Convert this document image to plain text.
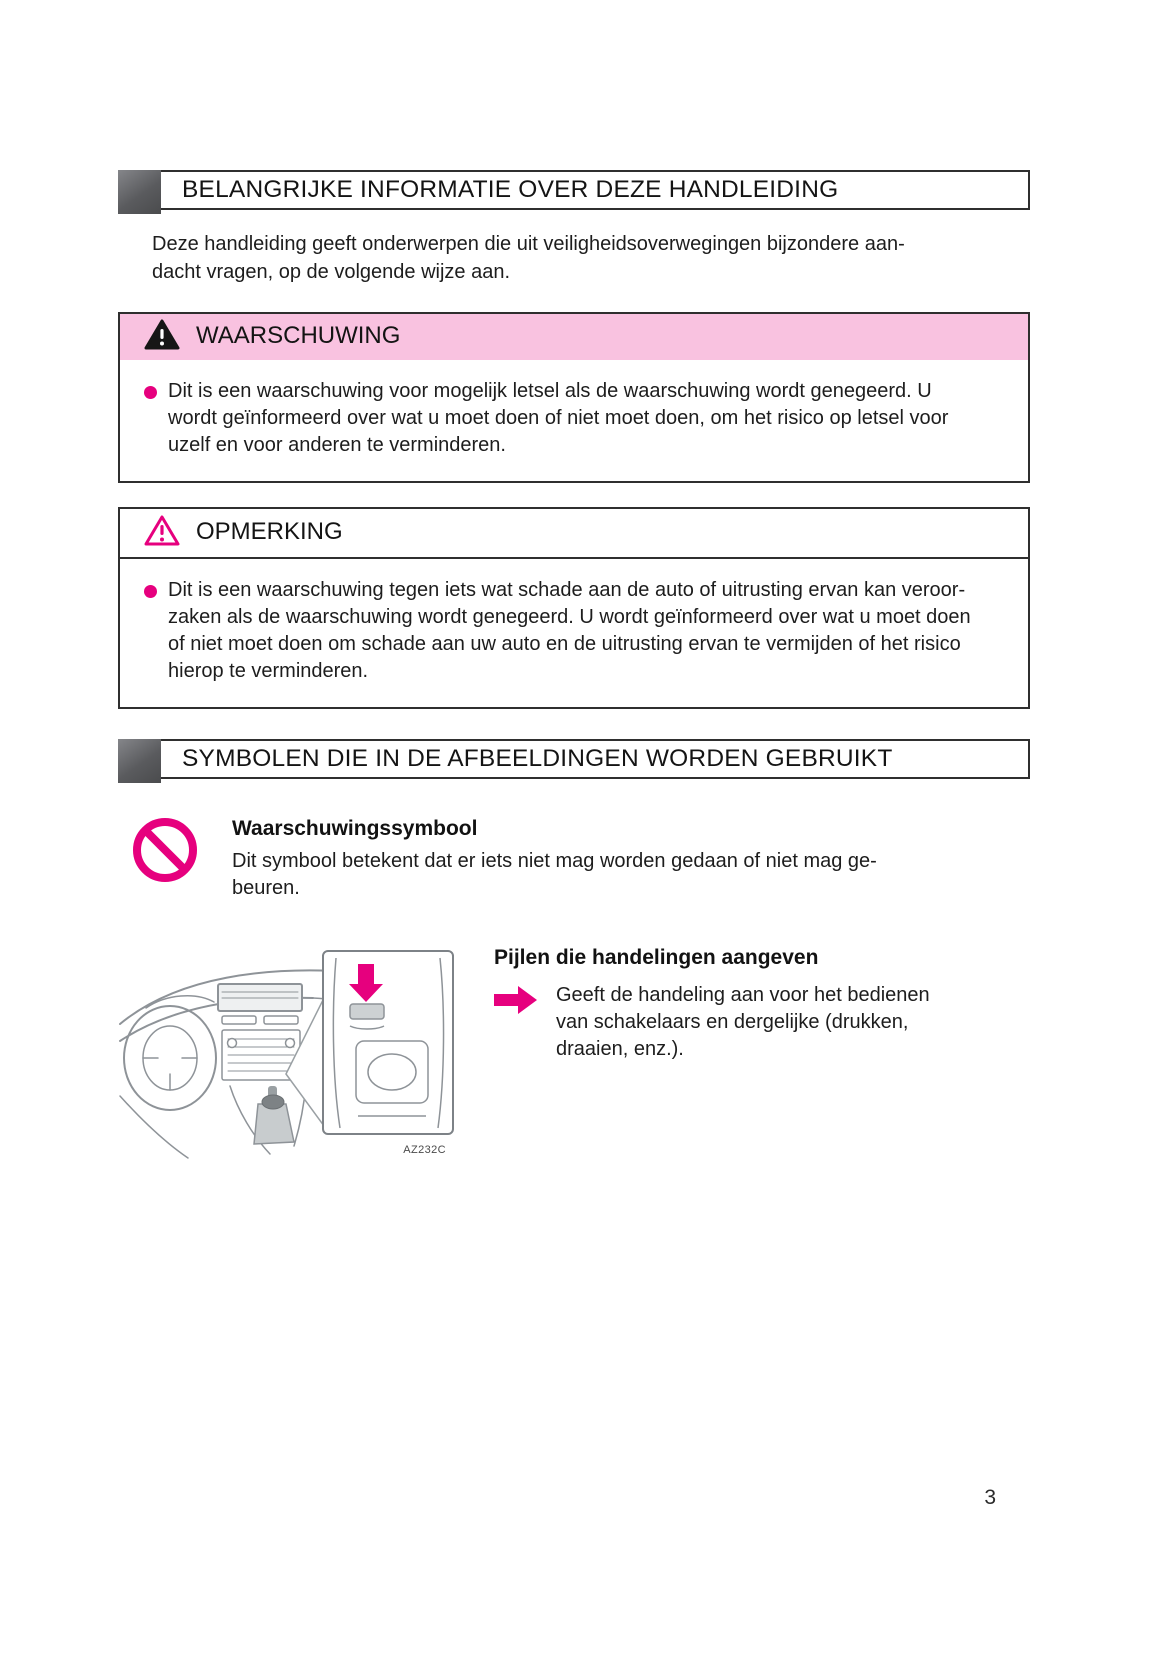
BELANGRIJKE INFORMATIE OVER DEZE HANDLEIDING
Deze handleiding geeft onderwerpen die uit veiligheidsoverwegingen bijzondere aan-
dacht vragen, op de volgende wijze aan.
WAARSCHUWING
Dit is een waarschuwing voor mogelijk letsel als de waarschuwing wordt genegeerd. U
wordt geïnformeerd over wat u moet doen of niet moet doen, om het risico op letsel voor
uzelf en voor anderen te verminderen.
OPMERKING
Dit is een waarschuwing tegen iets wat schade aan de auto of uitrusting ervan kan veroor-
zaken als de waarschuwing wordt genegeerd. U wordt geïnformeerd over wat u moet doen
of niet moet doen om schade aan uw auto en de uitrusting ervan te vermijden of het risico
hierop te verminderen.
SYMBOLEN DIE IN DE AFBEELDINGEN WORDEN GEBRUIKT
Waarschuwingssymbool
Dit symbool betekent dat er iets niet mag worden gedaan of niet mag ge-
beuren.
AZ232C
Pijlen die handelingen aangeven
Geeft de handeling aan voor het bedienen
van schakelaars en dergelijke (drukken,
draaien, enz.).
3
